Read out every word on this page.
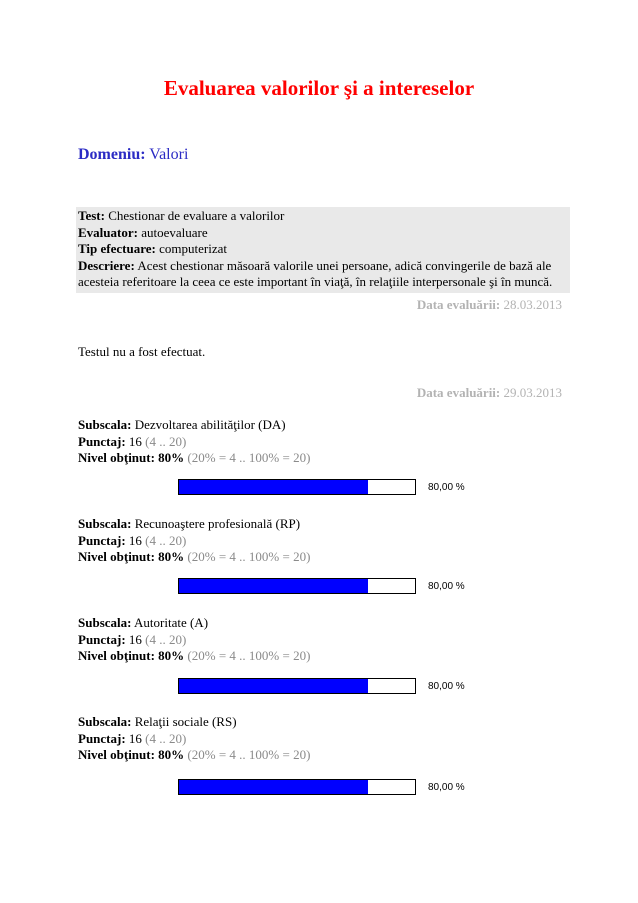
Evaluarea valorilor şi a intereselor
Domeniu: Valori
Test: Chestionar de evaluare a valorilor
Evaluator: autoevaluare
Tip efectuare: computerizat
Descriere: Acest chestionar măsoară valorile unei persoane, adică convingerile de bază ale acesteia referitoare la ceea ce este important în viaţă, în relaţiile interpersonale şi în muncă.
Data evaluării: 28.03.2013
Testul nu a fost efectuat.
Data evaluării: 29.03.2013
Subscala: Dezvoltarea abilităţilor (DA)
Punctaj: 16 (4 .. 20)
Nivel obţinut: 80% (20% = 4 .. 100% = 20)
80,00 %
Subscala: Recunoaştere profesională (RP)
Punctaj: 16 (4 .. 20)
Nivel obţinut: 80% (20% = 4 .. 100% = 20)
80,00 %
Subscala: Autoritate (A)
Punctaj: 16 (4 .. 20)
Nivel obţinut: 80% (20% = 4 .. 100% = 20)
80,00 %
Subscala: Relaţii sociale (RS)
Punctaj: 16 (4 .. 20)
Nivel obţinut: 80% (20% = 4 .. 100% = 20)
80,00 %
